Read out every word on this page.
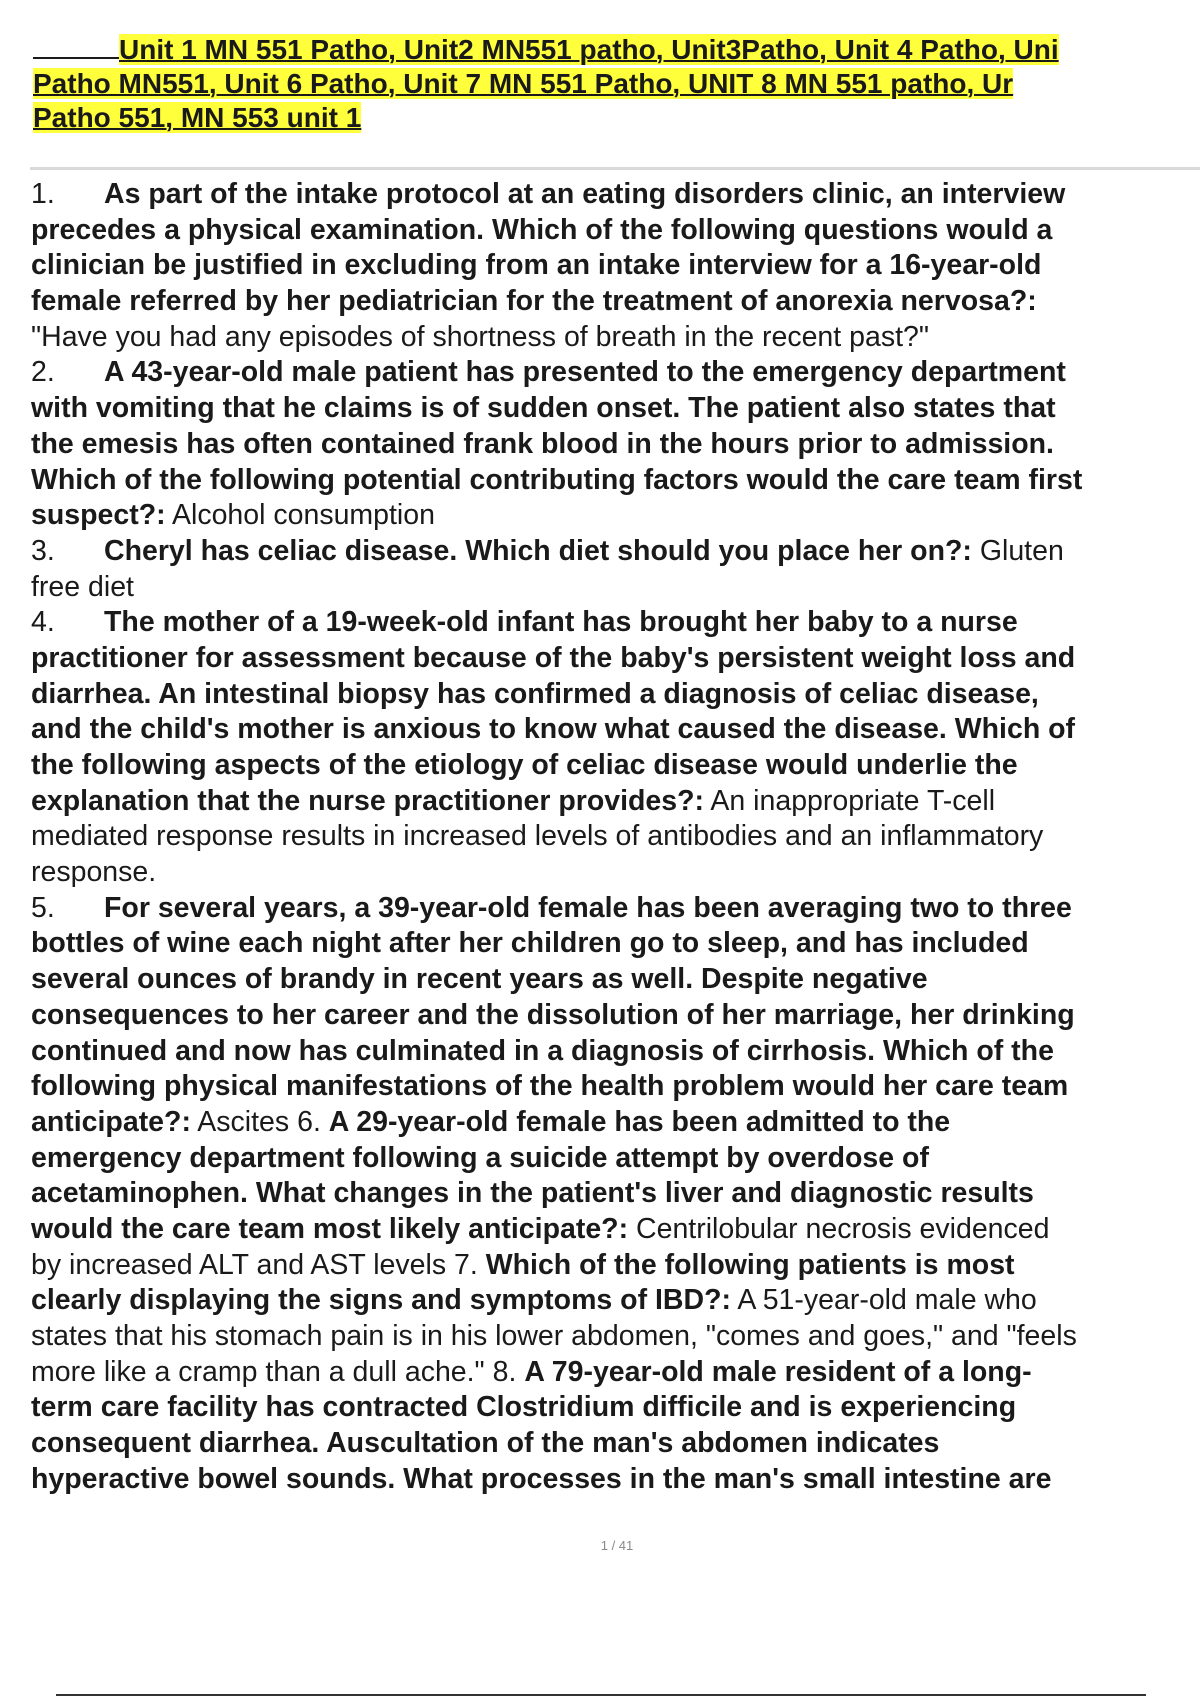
Unit 1 MN 551 Patho, Unit2 MN551 patho, Unit3Patho, Unit 4 Patho, Uni
Patho MN551, Unit 6 Patho, Unit 7 MN 551 Patho, UNIT 8 MN 551 patho, Ur
Patho 551, MN 553 unit 1
1. As part of the intake protocol at an eating disorders clinic, an interview
precedes a physical examination. Which of the following questions would a
clinician be justified in excluding from an intake interview for a 16-year-old
female referred by her pediatrician for the treatment of anorexia nervosa?:
"Have you had any episodes of shortness of breath in the recent past?"
2. A 43-year-old male patient has presented to the emergency department
with vomiting that he claims is of sudden onset. The patient also states that
the emesis has often contained frank blood in the hours prior to admission.
Which of the following potential contributing factors would the care team first
suspect?: Alcohol consumption
3. Cheryl has celiac disease. Which diet should you place her on?: Gluten
free diet
4. The mother of a 19-week-old infant has brought her baby to a nurse
practitioner for assessment because of the baby's persistent weight loss and
diarrhea. An intestinal biopsy has confirmed a diagnosis of celiac disease,
and the child's mother is anxious to know what caused the disease. Which of
the following aspects of the etiology of celiac disease would underlie the
explanation that the nurse practitioner provides?: An inappropriate T-cell
mediated response results in increased levels of antibodies and an inflammatory
response.
5. For several years, a 39-year-old female has been averaging two to three
bottles of wine each night after her children go to sleep, and has included
several ounces of brandy in recent years as well. Despite negative
consequences to her career and the dissolution of her marriage, her drinking
continued and now has culminated in a diagnosis of cirrhosis. Which of the
following physical manifestations of the health problem would her care team
anticipate?: Ascites 6. A 29-year-old female has been admitted to the
emergency department following a suicide attempt by overdose of
acetaminophen. What changes in the patient's liver and diagnostic results
would the care team most likely anticipate?: Centrilobular necrosis evidenced
by increased ALT and AST levels 7. Which of the following patients is most
clearly displaying the signs and symptoms of IBD?: A 51-year-old male who
states that his stomach pain is in his lower abdomen, "comes and goes," and "feels
more like a cramp than a dull ache." 8. A 79-year-old male resident of a long-
term care facility has contracted Clostridium difficile and is experiencing
consequent diarrhea. Auscultation of the man's abdomen indicates
hyperactive bowel sounds. What processes in the man's small intestine are
1 / 41
